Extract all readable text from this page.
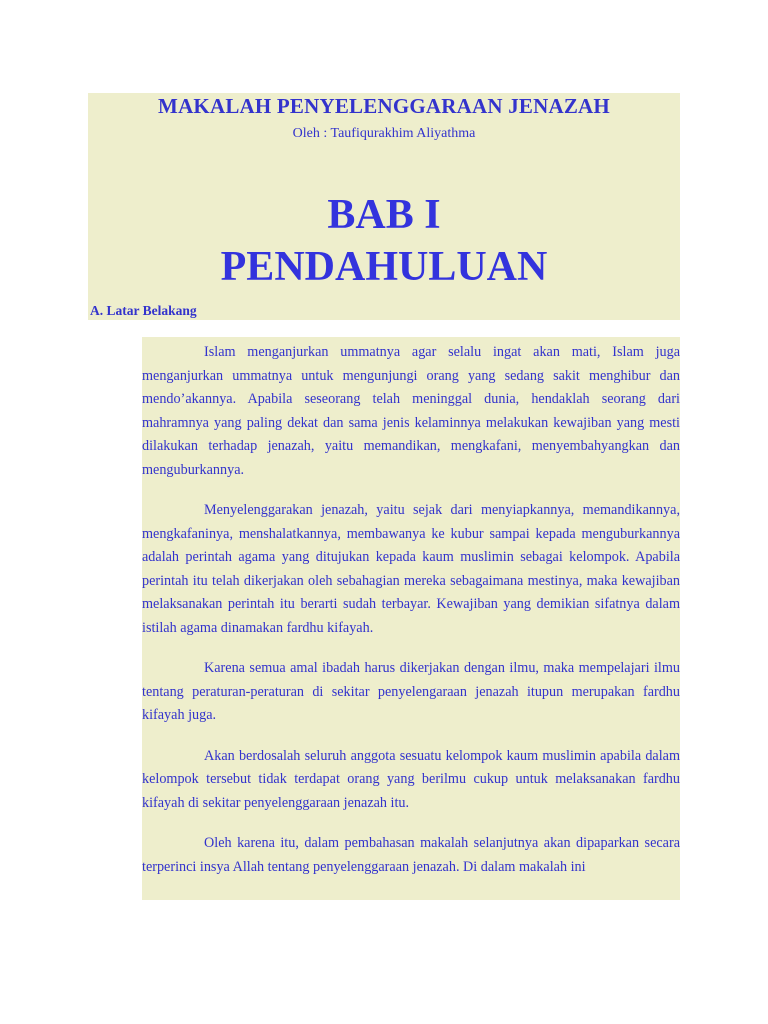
MAKALAH PENYELENGGARAAN JENAZAH
Oleh : Taufiqurakhim Aliyathma
BAB I
PENDAHULUAN
A. Latar Belakang

Islam menganjurkan ummatnya agar selalu ingat akan mati, Islam juga menganjurkan ummatnya untuk mengunjungi orang yang sedang sakit menghibur dan mendo’akannya. Apabila seseorang telah meninggal dunia, hendaklah seorang dari mahramnya yang paling dekat dan sama jenis kelaminnya melakukan kewajiban yang mesti dilakukan terhadap jenazah, yaitu memandikan, mengkafani, menyembahyangkan dan menguburkannya.

Menyelenggarakan jenazah, yaitu sejak dari menyiapkannya, memandikannya, mengkafaninya, menshalatkannya, membawanya ke kubur sampai kepada menguburkannya adalah perintah agama yang ditujukan kepada kaum muslimin sebagai kelompok. Apabila perintah itu telah dikerjakan oleh sebahagian mereka sebagaimana mestinya, maka kewajiban melaksanakan perintah itu berarti sudah terbayar. Kewajiban yang demikian sifatnya dalam istilah agama dinamakan fardhu kifayah.

Karena semua amal ibadah harus dikerjakan dengan ilmu, maka mempelajari ilmu tentang peraturan-peraturan di sekitar penyelengaraan jenazah itupun merupakan fardhu kifayah juga.

Akan berdosalah seluruh anggota sesuatu kelompok kaum muslimin apabila dalam kelompok tersebut tidak terdapat orang yang berilmu cukup untuk melaksanakan fardhu kifayah di sekitar penyelenggaraan jenazah itu.

Oleh karena itu, dalam pembahasan makalah selanjutnya akan dipaparkan secara terperinci insya Allah tentang penyelenggaraan jenazah. Di dalam makalah ini
